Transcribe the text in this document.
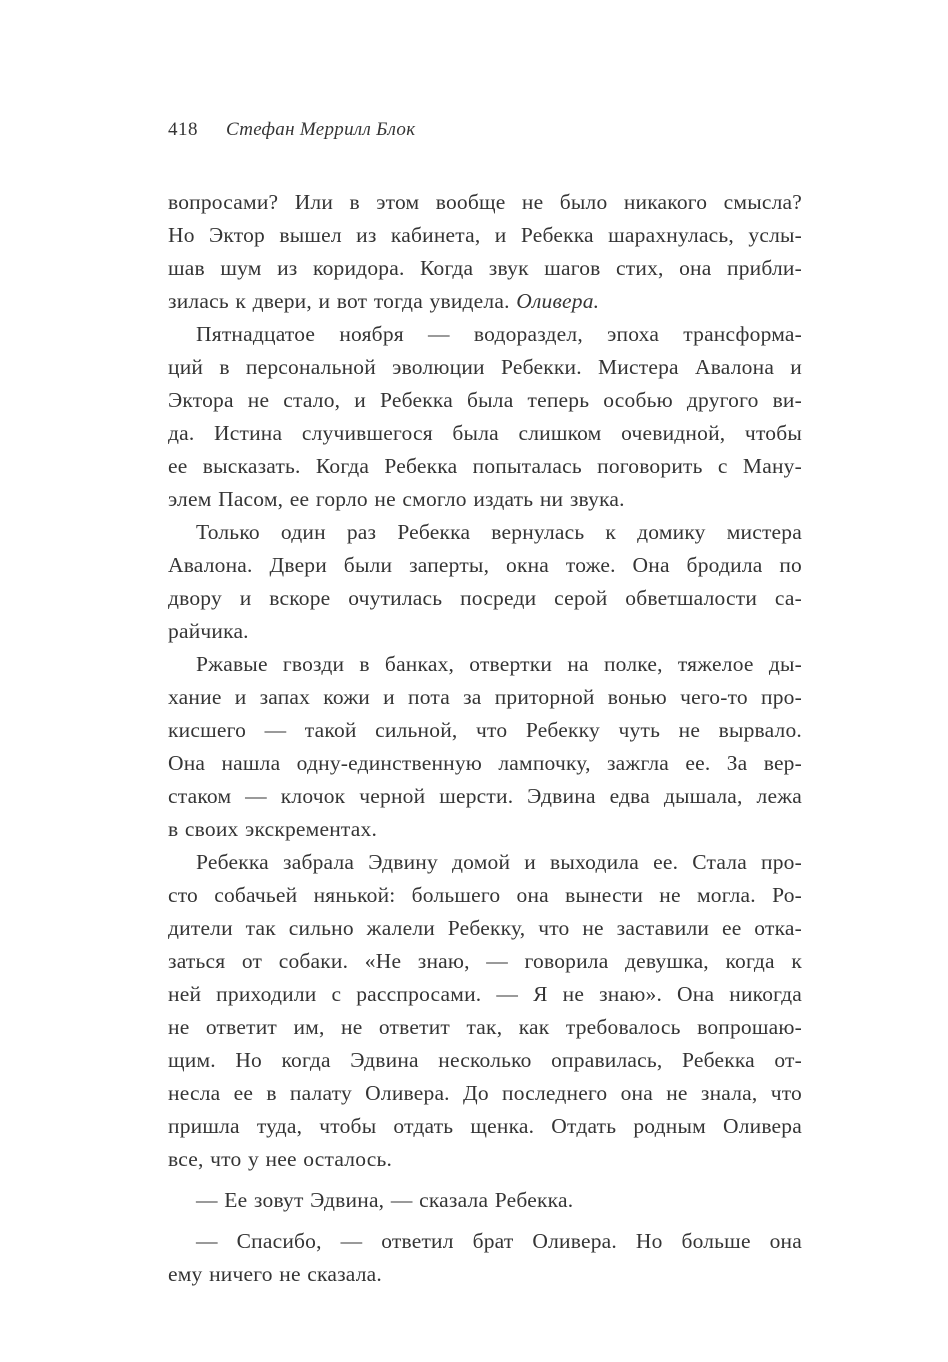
418 Стефан Меррилл Блок
вопросами? Или в этом вообще не было никакого смысла?
Но Эктор вышел из кабинета, и Ребекка шарахнулась, услы-
шав шум из коридора. Когда звук шагов стих, она прибли-
зилась к двери, и вот тогда увидела. Оливера.
Пятнадцатое ноября — водораздел, эпоха трансформа-
ций в персональной эволюции Ребекки. Мистера Авалона и
Эктора не стало, и Ребекка была теперь особью другого ви-
да. Истина случившегося была слишком очевидной, чтобы
ее высказать. Когда Ребекка попыталась поговорить с Ману-
элем Пасом, ее горло не смогло издать ни звука.
Только один раз Ребекка вернулась к домику мистера
Авалона. Двери были заперты, окна тоже. Она бродила по
двору и вскоре очутилась посреди серой обветшалости са-
райчика.
Ржавые гвозди в банках, отвертки на полке, тяжелое ды-
хание и запах кожи и пота за приторной вонью чего-то про-
кисшего — такой сильной, что Ребекку чуть не вырвало.
Она нашла одну-единственную лампочку, зажгла ее. За вер-
стаком — клочок черной шерсти. Эдвина едва дышала, лежа
в своих экскрементах.
Ребекка забрала Эдвину домой и выходила ее. Стала про-
сто собачьей нянькой: большего она вынести не могла. Ро-
дители так сильно жалели Ребекку, что не заставили ее отка-
заться от собаки. «Не знаю, — говорила девушка, когда к
ней приходили с расспросами. — Я не знаю». Она никогда
не ответит им, не ответит так, как требовалось вопрошаю-
щим. Но когда Эдвина несколько оправилась, Ребекка от-
несла ее в палату Оливера. До последнего она не знала, что
пришла туда, чтобы отдать щенка. Отдать родным Оливера
все, что у нее осталось.
— Ее зовут Эдвина, — сказала Ребекка.
— Спасибо, — ответил брат Оливера. Но больше она
ему ничего не сказала.
